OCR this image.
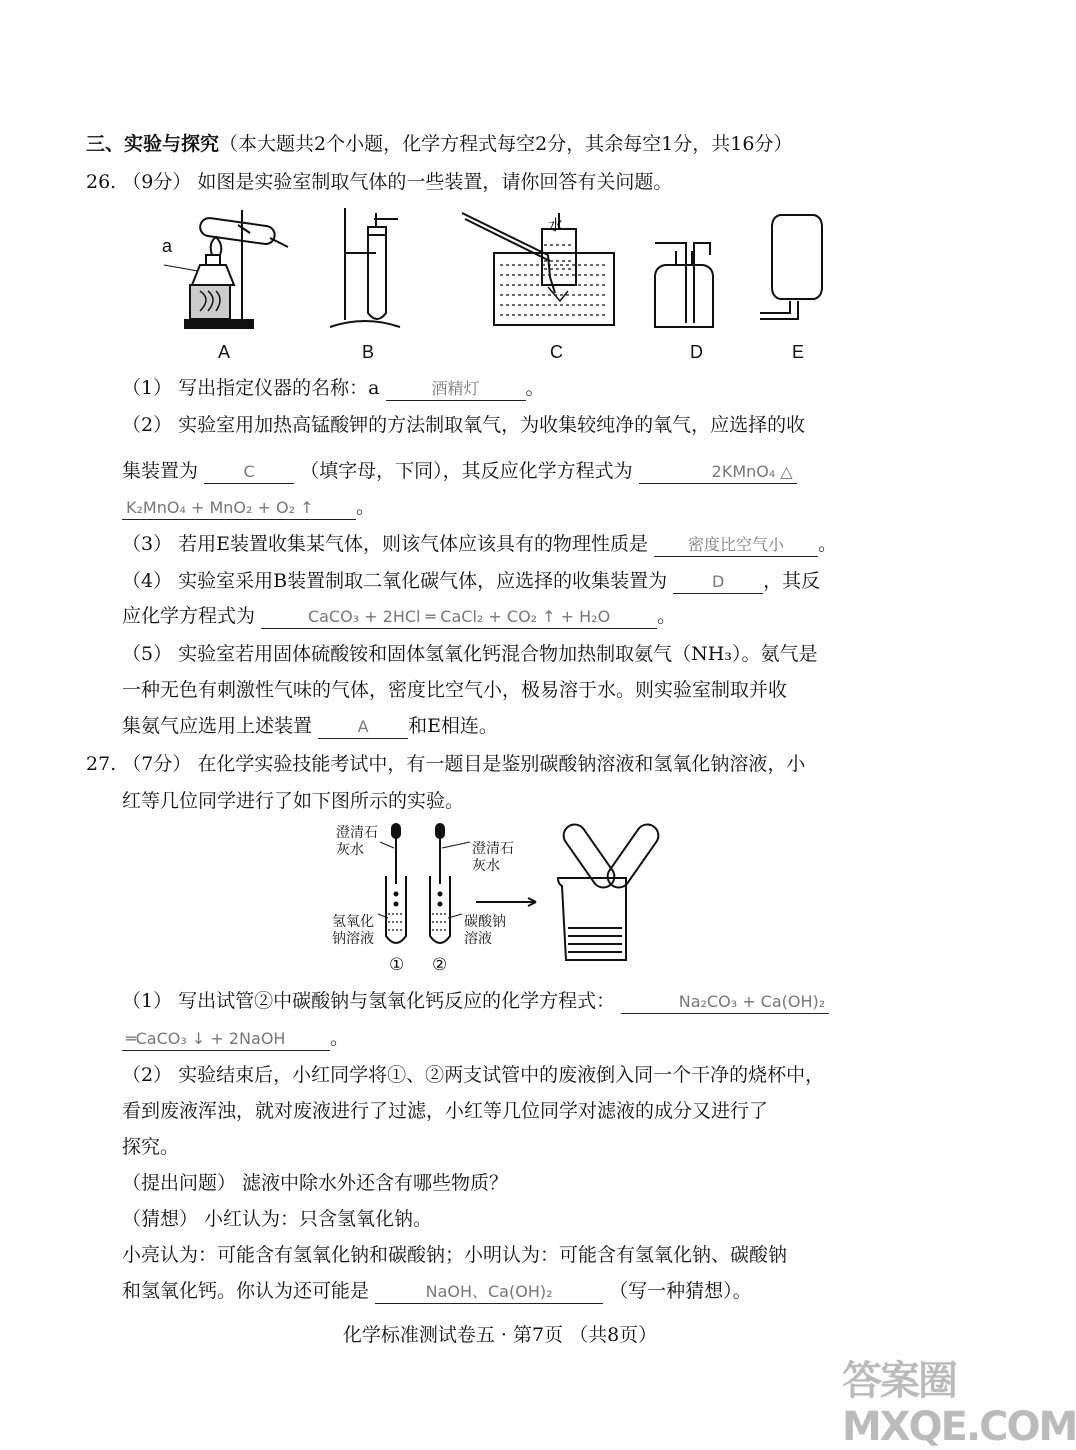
三、实验与探究（本大题共2个小题，化学方程式每空2分，其余每空1分，共16分）
26. （9分） 如图是实验室制取气体的一些装置，请你回答有关问题。
a
水
A	B	C	D	E
（1） 写出指定仪器的名称：a	酒精灯 。
（2） 实验室用加热高锰酸钾的方法制取氧气，为收集较纯净的氧气，应选择的收
集装置为	C （填字母，下同），其反应化学方程式为	2KMnO₄ △
K₂MnO₄ + MnO₂ + O₂ ↑ 。
（3） 若用E装置收集某气体，则该气体应该具有的物理性质是	密度比空气小 。
（4） 实验室采用B装置制取二氧化碳气体，应选择的收集装置为	D ，其反
应化学方程式为	CaCO₃ + 2HCl ═ CaCl₂ + CO₂ ↑ + H₂O 。
（5） 实验室若用固体硫酸铵和固体氢氧化钙混合物加热制取氨气（NH₃）。氨气是
一种无色有刺激性气味的气体，密度比空气小，极易溶于水。则实验室制取并收
集氨气应选用上述装置	A 和E相连。
27. （7分） 在化学实验技能考试中，有一题目是鉴别碳酸钠溶液和氢氧化钠溶液，小
红等几位同学进行了如下图所示的实验。
澄清石
灰水	澄清石
灰水
氢氧化
钠溶液
碳酸钠
溶液
① ②
（1） 写出试管②中碳酸钠与氢氧化钙反应的化学方程式：	Na₂CO₃ + Ca(OH)₂
═CaCO₃ ↓ + 2NaOH 。
（2） 实验结束后，小红同学将①、②两支试管中的废液倒入同一个干净的烧杯中，
看到废液浑浊，就对废液进行了过滤，小红等几位同学对滤液的成分又进行了
探究。
（提出问题） 滤液中除水外还含有哪些物质？
（猜想） 小红认为：只含氢氧化钠。
小亮认为：可能含有氢氧化钠和碳酸钠；小明认为：可能含有氢氧化钠、碳酸钠
和氢氧化钙。你认为还可能是	NaOH、Ca(OH)₂	（写一种猜想）。
化学标准测试卷五 · 第7页 （共8页）
答案圈 MXQE.COM
